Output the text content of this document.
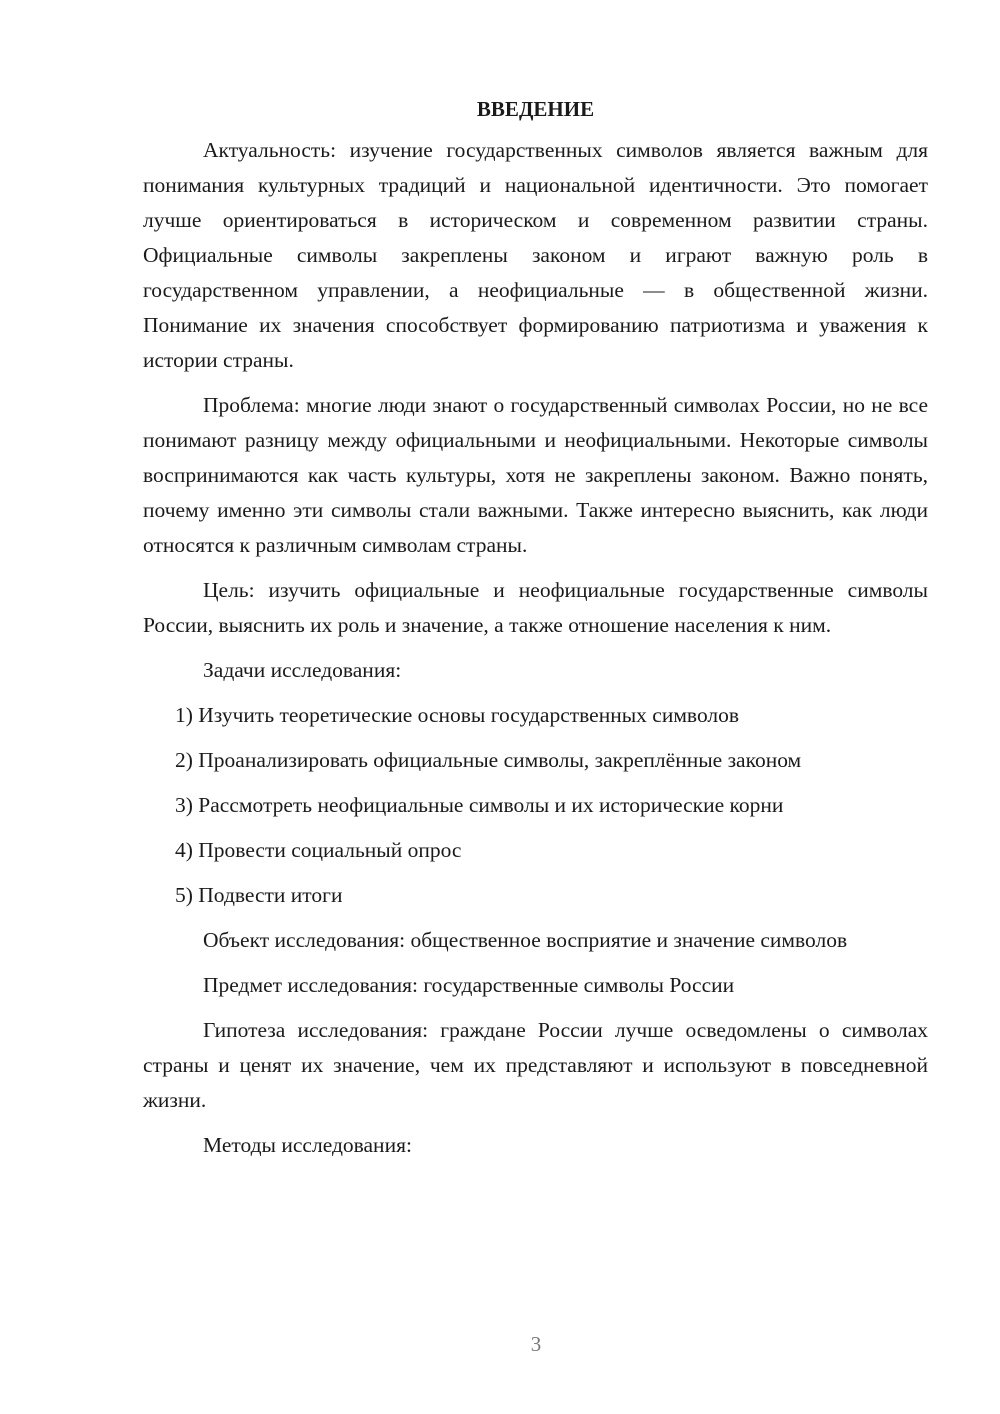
ВВЕДЕНИЕ

Актуальность: изучение государственных символов является важным для понимания культурных традиций и национальной идентичности. Это помогает лучше ориентироваться в историческом и современном развитии страны. Официальные символы закреплены законом и играют важную роль в государственном управлении, а неофициальные — в общественной жизни. Понимание их значения способствует формированию патриотизма и уважения к истории страны.

Проблема: многие люди знают о государственный символах России, но не все понимают разницу между официальными и неофициальными. Некоторые символы воспринимаются как часть культуры, хотя не закреплены законом. Важно понять, почему именно эти символы стали важными. Также интересно выяснить, как люди относятся к различным символам страны.

Цель: изучить официальные и неофициальные государственные символы России, выяснить их роль и значение, а также отношение населения к ним.

Задачи исследования:

1) Изучить теоретические основы государственных символов
2) Проанализировать официальные символы, закреплённые законом
3) Рассмотреть неофициальные символы и их исторические корни
4) Провести социальный опрос
5) Подвести итоги

Объект исследования: общественное восприятие и значение символов

Предмет исследования: государственные символы России

Гипотеза исследования: граждане России лучше осведомлены о символах страны и ценят их значение, чем их представляют и используют в повседневной жизни.

Методы исследования:

3
